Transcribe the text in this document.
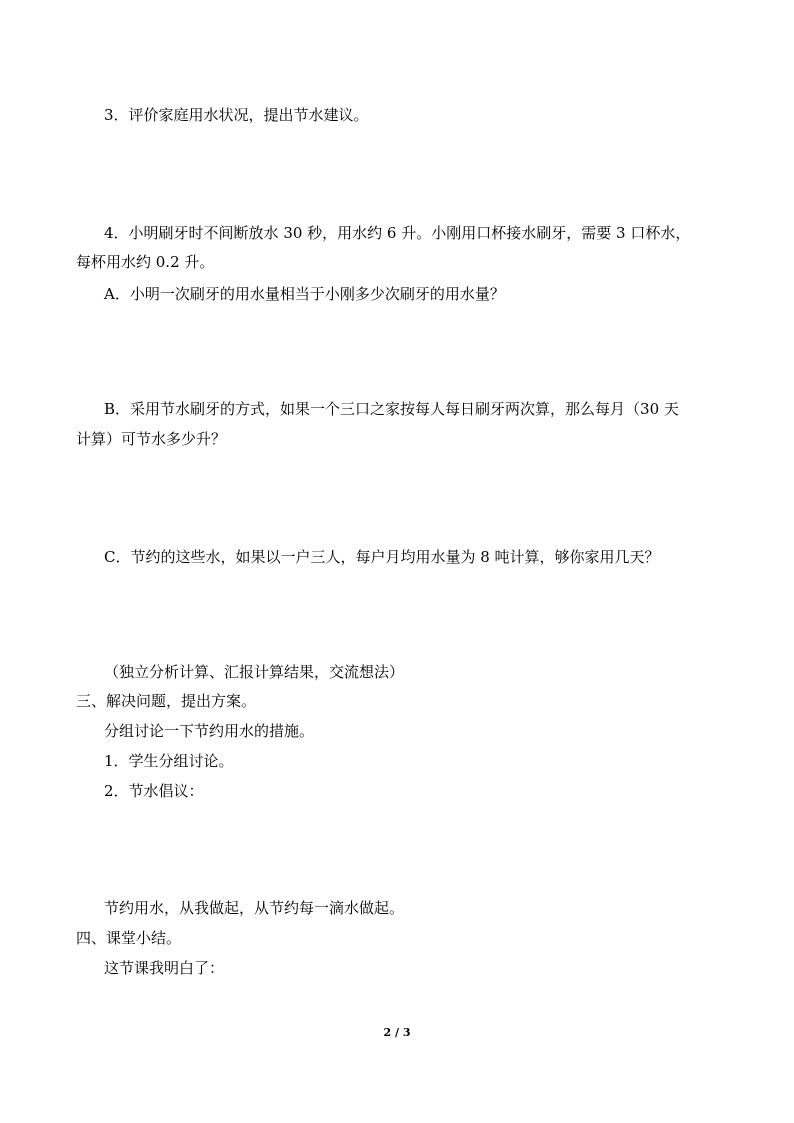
3．评价家庭用水状况，提出节水建议。
4．小明刷牙时不间断放水 30 秒，用水约 6 升。小刚用口杯接水刷牙，需要 3 口杯水，
每杯用水约 0.2 升。
A．小明一次刷牙的用水量相当于小刚多少次刷牙的用水量？
B．采用节水刷牙的方式，如果一个三口之家按每人每日刷牙两次算，那么每月（30 天
计算）可节水多少升？
C．节约的这些水，如果以一户三人，每户月均用水量为 8 吨计算，够你家用几天？
（独立分析计算、汇报计算结果，交流想法）
三、解决问题，提出方案。
分组讨论一下节约用水的措施。
1．学生分组讨论。
2．节水倡议：
节约用水，从我做起，从节约每一滴水做起。
四、课堂小结。
这节课我明白了：
2 / 3
